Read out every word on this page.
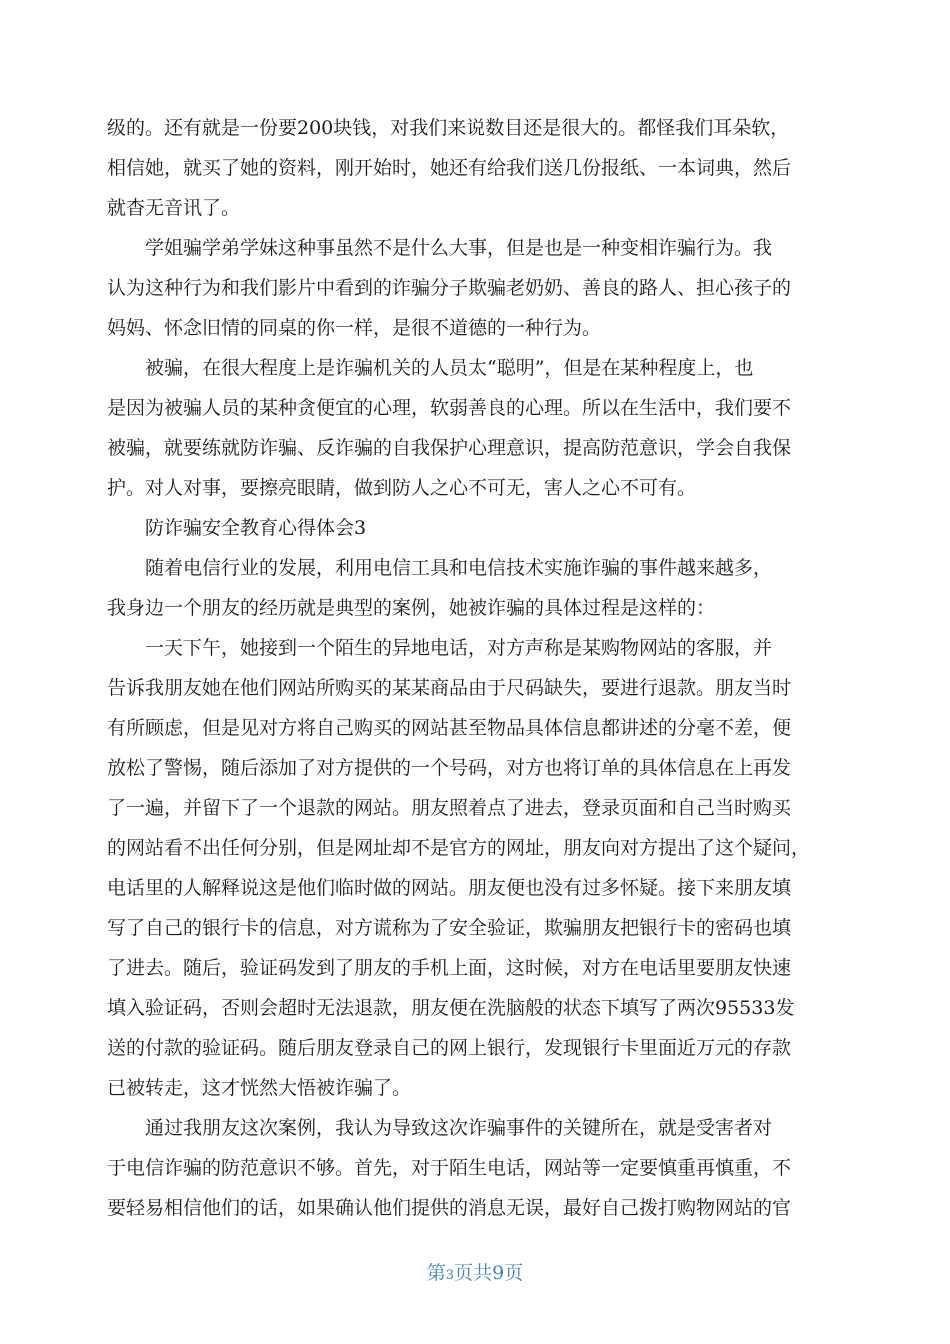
级的。还有就是一份要200块钱，对我们来说数目还是很大的。都怪我们耳朵软，
相信她，就买了她的资料，刚开始时，她还有给我们送几份报纸、一本词典，然后
就杳无音讯了。

学姐骗学弟学妹这种事虽然不是什么大事，但是也是一种变相诈骗行为。我
认为这种行为和我们影片中看到的诈骗分子欺骗老奶奶、善良的路人、担心孩子的
妈妈、怀念旧情的同桌的你一样，是很不道德的一种行为。

被骗，在很大程度上是诈骗机关的人员太“聪明”，但是在某种程度上，也
是因为被骗人员的某种贪便宜的心理，软弱善良的心理。所以在生活中，我们要不
被骗，就要练就防诈骗、反诈骗的自我保护心理意识，提高防范意识，学会自我保
护。对人对事，要擦亮眼睛，做到防人之心不可无，害人之心不可有。

防诈骗安全教育心得体会3

随着电信行业的发展，利用电信工具和电信技术实施诈骗的事件越来越多，
我身边一个朋友的经历就是典型的案例，她被诈骗的具体过程是这样的：

一天下午，她接到一个陌生的异地电话，对方声称是某购物网站的客服，并
告诉我朋友她在他们网站所购买的某某商品由于尺码缺失，要进行退款。朋友当时
有所顾虑，但是见对方将自己购买的网站甚至物品具体信息都讲述的分毫不差，便
放松了警惕，随后添加了对方提供的一个号码，对方也将订单的具体信息在上再发
了一遍，并留下了一个退款的网站。朋友照着点了进去，登录页面和自己当时购买
的网站看不出任何分别，但是网址却不是官方的网址，朋友向对方提出了这个疑问，
电话里的人解释说这是他们临时做的网站。朋友便也没有过多怀疑。接下来朋友填
写了自己的银行卡的信息，对方谎称为了安全验证，欺骗朋友把银行卡的密码也填
了进去。随后，验证码发到了朋友的手机上面，这时候，对方在电话里要朋友快速
填入验证码，否则会超时无法退款，朋友便在洗脑般的状态下填写了两次95533发
送的付款的验证码。随后朋友登录自己的网上银行，发现银行卡里面近万元的存款
已被转走，这才恍然大悟被诈骗了。

通过我朋友这次案例，我认为导致这次诈骗事件的关键所在，就是受害者对
于电信诈骗的防范意识不够。首先，对于陌生电话，网站等一定要慎重再慎重，不
要轻易相信他们的话，如果确认他们提供的消息无误，最好自己拨打购物网站的官

第3页共9页
